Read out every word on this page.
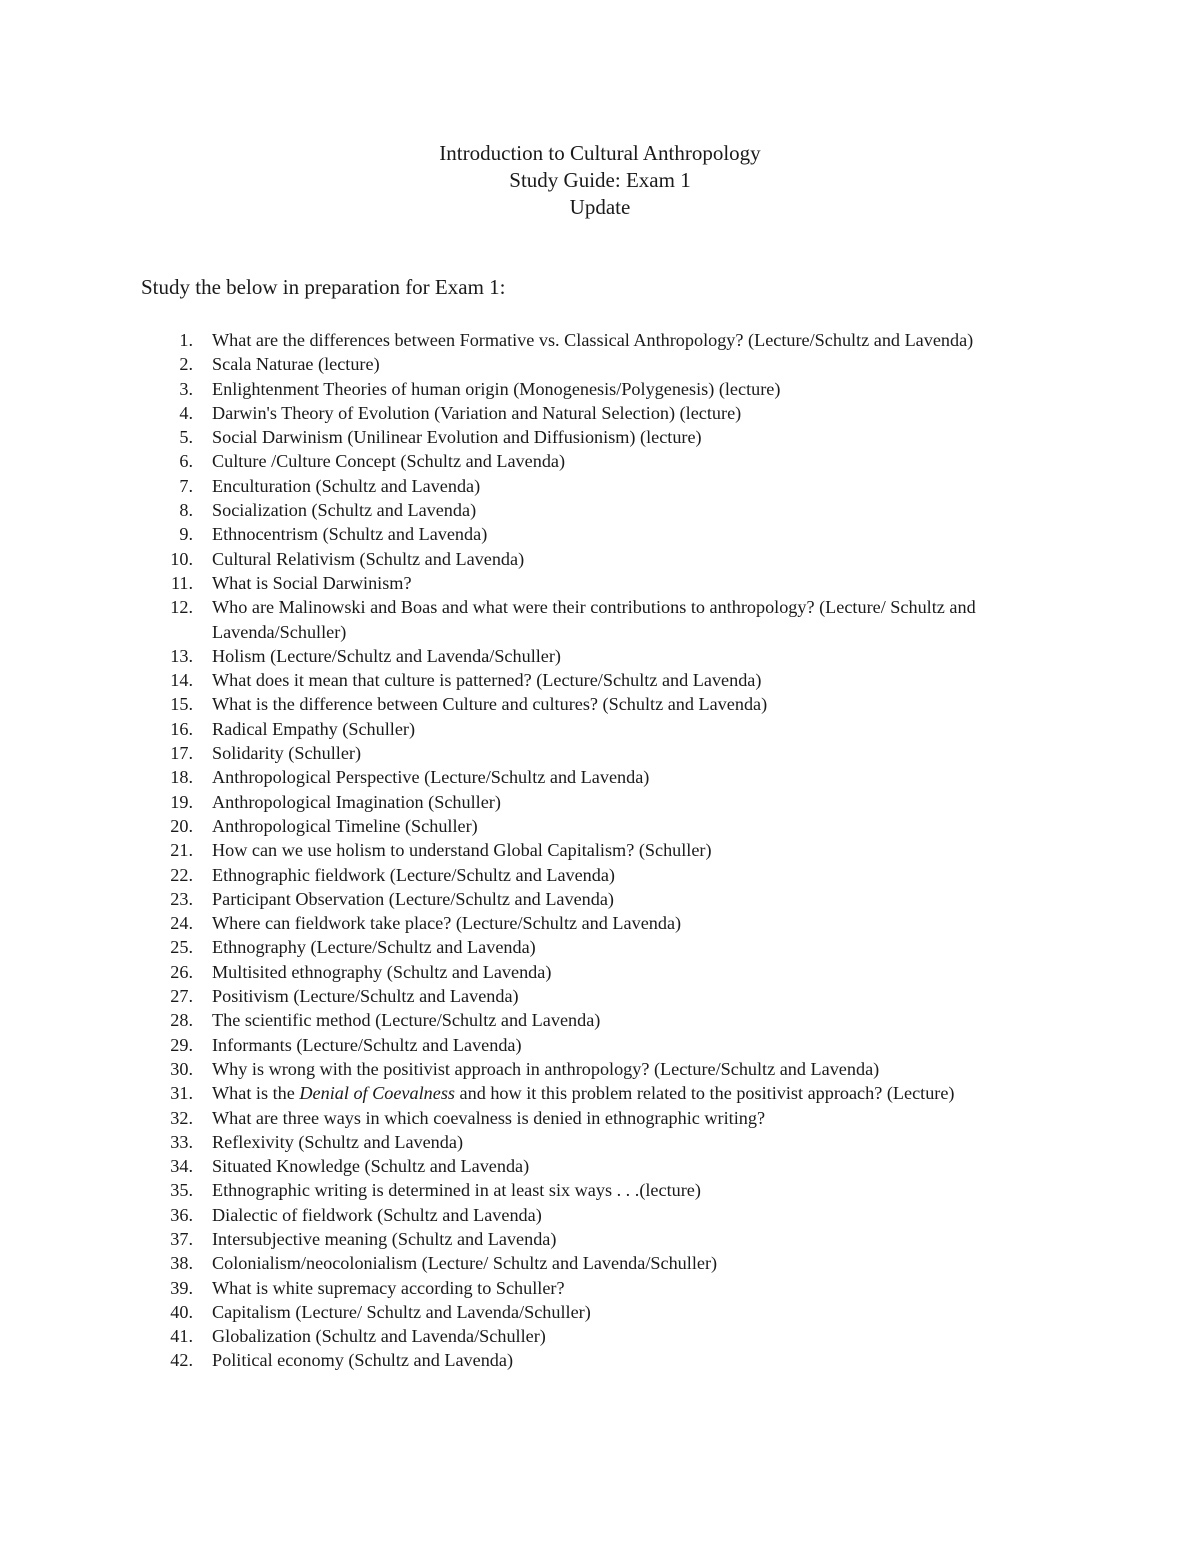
Introduction to Cultural Anthropology
Study Guide: Exam 1
Update
Study the below in preparation for Exam 1:
1. What are the differences between Formative vs. Classical Anthropology? (Lecture/Schultz and Lavenda)
2. Scala Naturae (lecture)
3. Enlightenment Theories of human origin (Monogenesis/Polygenesis) (lecture)
4. Darwin's Theory of Evolution (Variation and Natural Selection) (lecture)
5. Social Darwinism (Unilinear Evolution and Diffusionism) (lecture)
6. Culture /Culture Concept (Schultz and Lavenda)
7. Enculturation (Schultz and Lavenda)
8. Socialization (Schultz and Lavenda)
9. Ethnocentrism (Schultz and Lavenda)
10. Cultural Relativism (Schultz and Lavenda)
11. What is Social Darwinism?
12. Who are Malinowski and Boas and what were their contributions to anthropology? (Lecture/ Schultz and Lavenda/Schuller)
13. Holism (Lecture/Schultz and Lavenda/Schuller)
14. What does it mean that culture is patterned? (Lecture/Schultz and Lavenda)
15. What is the difference between Culture and cultures? (Schultz and Lavenda)
16. Radical Empathy (Schuller)
17. Solidarity (Schuller)
18. Anthropological Perspective (Lecture/Schultz and Lavenda)
19. Anthropological Imagination (Schuller)
20. Anthropological Timeline (Schuller)
21. How can we use holism to understand Global Capitalism? (Schuller)
22. Ethnographic fieldwork (Lecture/Schultz and Lavenda)
23. Participant Observation (Lecture/Schultz and Lavenda)
24. Where can fieldwork take place? (Lecture/Schultz and Lavenda)
25. Ethnography (Lecture/Schultz and Lavenda)
26. Multisited ethnography (Schultz and Lavenda)
27. Positivism (Lecture/Schultz and Lavenda)
28. The scientific method (Lecture/Schultz and Lavenda)
29. Informants (Lecture/Schultz and Lavenda)
30. Why is wrong with the positivist approach in anthropology? (Lecture/Schultz and Lavenda)
31. What is the Denial of Coevalness and how it this problem related to the positivist approach? (Lecture)
32. What are three ways in which coevalness is denied in ethnographic writing?
33. Reflexivity (Schultz and Lavenda)
34. Situated Knowledge (Schultz and Lavenda)
35. Ethnographic writing is determined in at least six ways . . .(lecture)
36. Dialectic of fieldwork (Schultz and Lavenda)
37. Intersubjective meaning (Schultz and Lavenda)
38. Colonialism/neocolonialism (Lecture/ Schultz and Lavenda/Schuller)
39. What is white supremacy according to Schuller?
40. Capitalism (Lecture/ Schultz and Lavenda/Schuller)
41. Globalization (Schultz and Lavenda/Schuller)
42. Political economy (Schultz and Lavenda)
